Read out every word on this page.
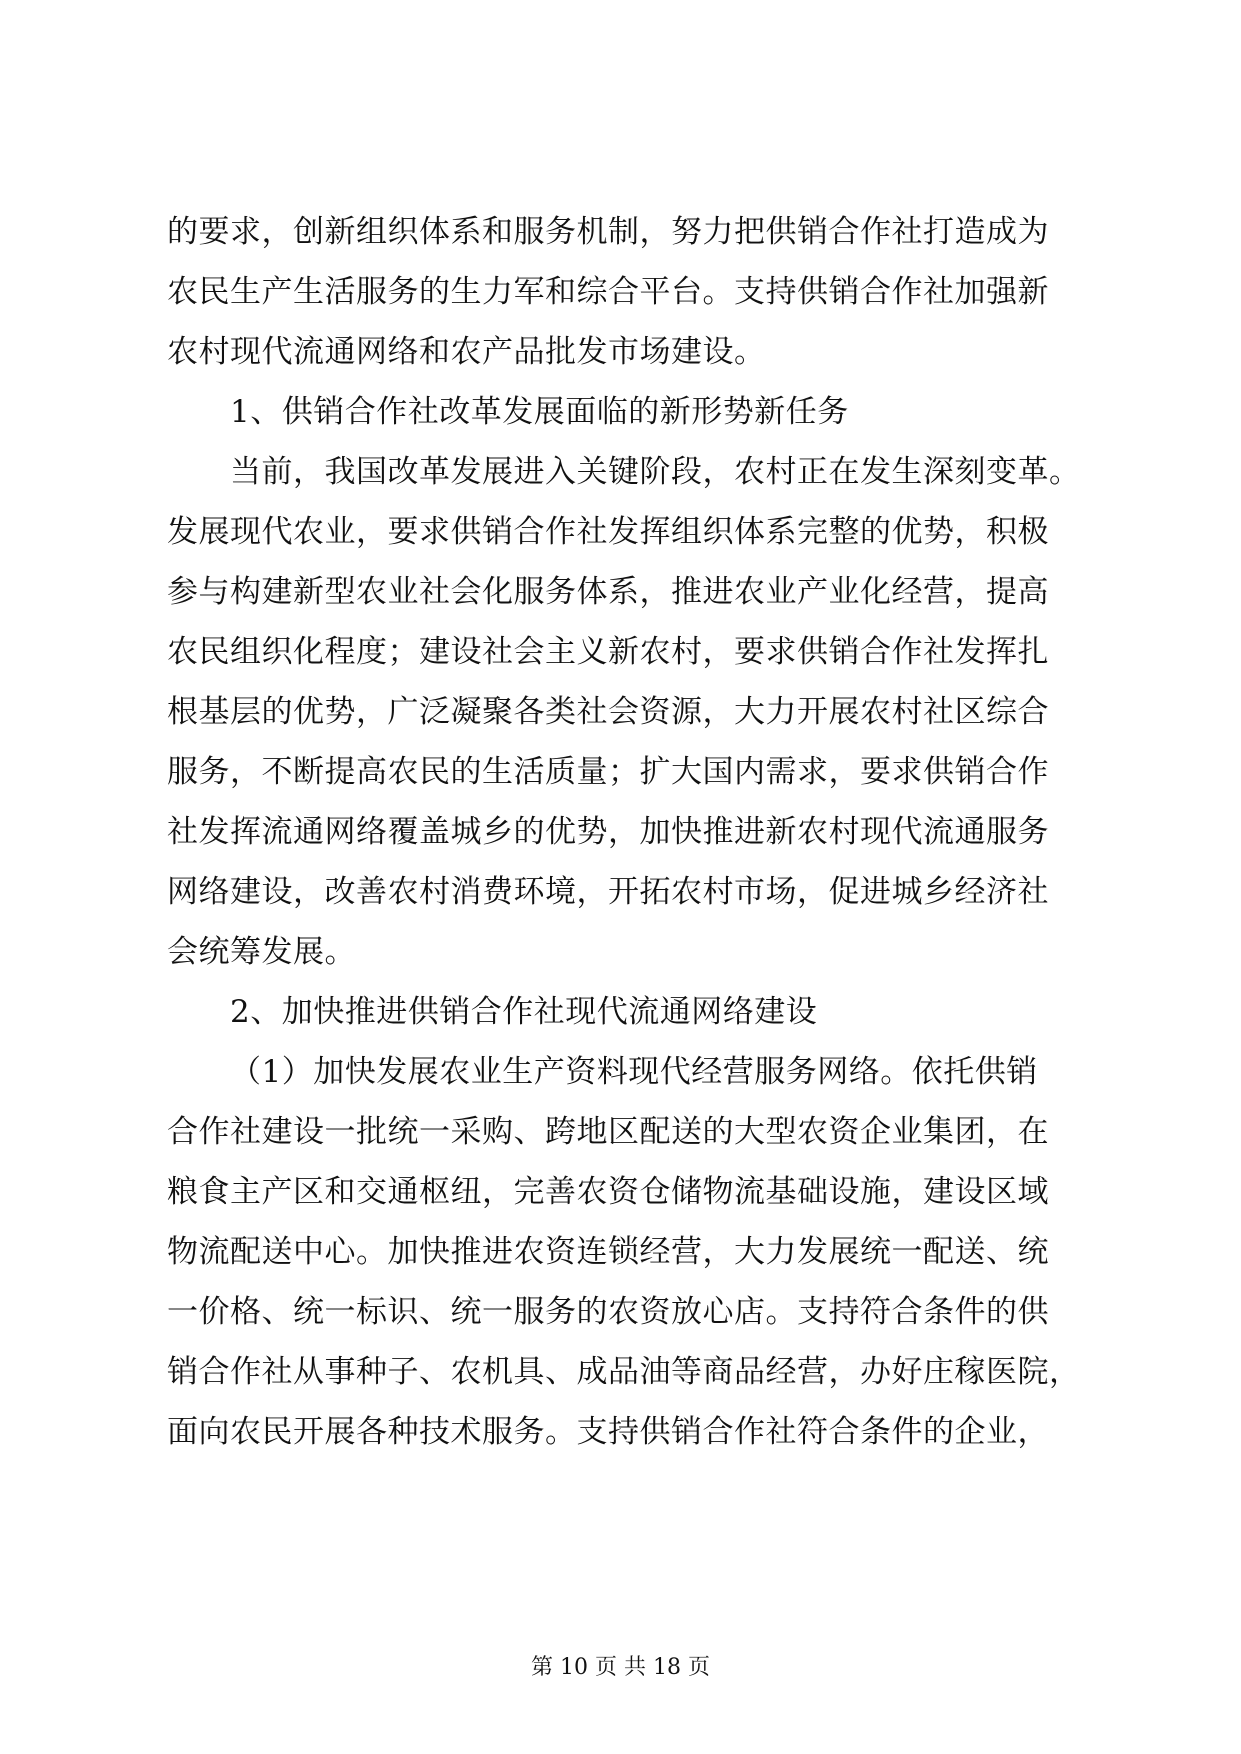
的要求，创新组织体系和服务机制，努力把供销合作社打造成为
农民生产生活服务的生力军和综合平台。支持供销合作社加强新
农村现代流通网络和农产品批发市场建设。
1、供销合作社改革发展面临的新形势新任务
当前，我国改革发展进入关键阶段，农村正在发生深刻变革。
发展现代农业，要求供销合作社发挥组织体系完整的优势，积极
参与构建新型农业社会化服务体系，推进农业产业化经营，提高
农民组织化程度；建设社会主义新农村，要求供销合作社发挥扎
根基层的优势，广泛凝聚各类社会资源，大力开展农村社区综合
服务，不断提高农民的生活质量；扩大国内需求，要求供销合作
社发挥流通网络覆盖城乡的优势，加快推进新农村现代流通服务
网络建设，改善农村消费环境，开拓农村市场，促进城乡经济社
会统筹发展。
2、加快推进供销合作社现代流通网络建设
（1）加快发展农业生产资料现代经营服务网络。依托供销
合作社建设一批统一采购、跨地区配送的大型农资企业集团，在
粮食主产区和交通枢纽，完善农资仓储物流基础设施，建设区域
物流配送中心。加快推进农资连锁经营，大力发展统一配送、统
一价格、统一标识、统一服务的农资放心店。支持符合条件的供
销合作社从事种子、农机具、成品油等商品经营，办好庄稼医院，
面向农民开展各种技术服务。支持供销合作社符合条件的企业，
第 10 页 共 18 页
